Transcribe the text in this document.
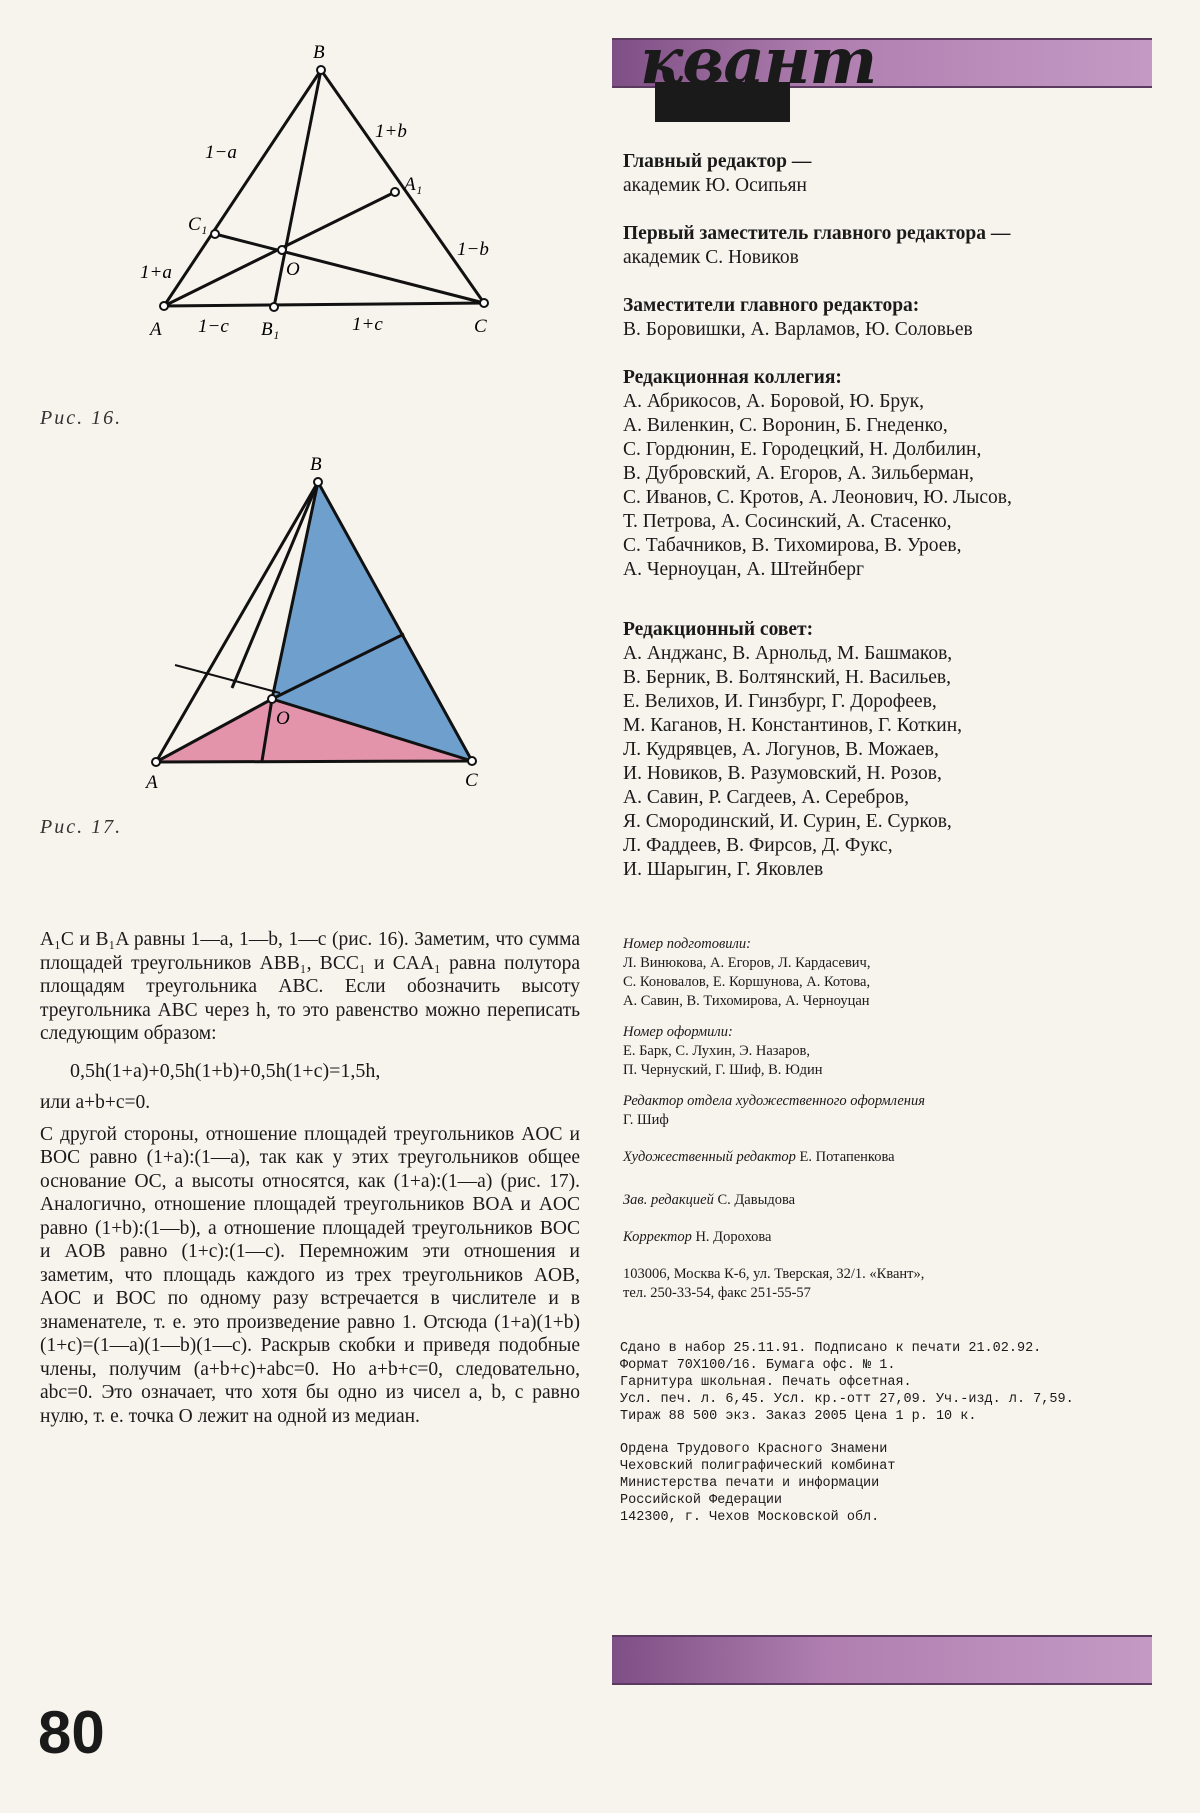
B
A	C
A₁
C₁
B₁
O
1−a
1+a
1+b
1−b
1−c	1+c
Рис. 16.
B
A	C
O
Рис. 17.
квант
Главный редактор —
академик Ю. Осипьян
Первый заместитель главного редактора —
академик С. Новиков
Заместители главного редактора:
В. Боровишки, А. Варламов, Ю. Соловьев
Редакционная коллегия:
А. Абрикосов, А. Боровой, Ю. Брук,
А. Виленкин, С. Воронин, Б. Гнеденко,
С. Гордюнин, Е. Городецкий, Н. Долбилин,
В. Дубровский, А. Егоров, А. Зильберман,
С. Иванов, С. Кротов, А. Леонович, Ю. Лысов,
Т. Петрова, А. Сосинский, А. Стасенко,
С. Табачников, В. Тихомирова, В. Уроев,
А. Черноуцан, А. Штейнберг
Редакционный совет:
А. Анджанс, В. Арнольд, М. Башмаков,
В. Берник, В. Болтянский, Н. Васильев,
Е. Велихов, И. Гинзбург, Г. Дорофеев,
М. Каганов, Н. Константинов, Г. Коткин,
Л. Кудрявцев, А. Логунов, В. Можаев,
И. Новиков, В. Разумовский, Н. Розов,
А. Савин, Р. Сагдеев, А. Серебров,
Я. Смородинский, И. Сурин, Е. Сурков,
Л. Фаддеев, В. Фирсов, Д. Фукс,
И. Шарыгин, Г. Яковлев
Номер подготовили:
Л. Винюкова, А. Егоров, Л. Кардасевич,
С. Коновалов, Е. Коршунова, А. Котова,
А. Савин, В. Тихомирова, А. Черноуцан
Номер оформили:
Е. Барк, С. Лухин, Э. Назаров,
П. Чернуский, Г. Шиф, В. Юдин
Редактор отдела художественного оформления
Г. Шиф
Художественный редактор Е. Потапенкова
Зав. редакцией С. Давыдова
Корректор Н. Дорохова
103006, Москва К-6, ул. Тверская, 32/1. «Квант»,
тел. 250-33-54, факс 251-55-57
Сдано в набор 25.11.91. Подписано к печати 21.02.92.
Формат 70X100/16. Бумага офс. № 1.
Гарнитура школьная. Печать офсетная.
Усл. печ. л. 6,45. Усл. кр.-отт 27,09. Уч.-изд. л. 7,59.
Тираж 88 500 экз. Заказ 2005 Цена 1 р. 10 к.
Ордена Трудового Красного Знамени
Чеховский полиграфический комбинат
Министерства печати и информации
Российской Федерации
142300, г. Чехов Московской обл.

A₁C и B₁A равны 1—a, 1—b, 1—c (рис. 16). Заметим, что сумма площадей треугольников ABB₁, BCC₁ и CAA₁ равна полутора площадям треугольника ABC. Если обозначить высоту треугольника ABC через h, то это равенство можно переписать следующим образом:

0,5h(1+a)+0,5h(1+b)+0,5h(1+c)=1,5h,

или a+b+c=0.

С другой стороны, отношение площадей треугольников AOC и BOC равно (1+a):(1—a), так как у этих треугольников общее основание OC, а высоты относятся, как (1+a):(1—a) (рис. 17). Аналогично, отношение площадей треугольников BOA и AOC равно (1+b):(1—b), а отношение площадей треугольников BOC и AOB равно (1+c):(1—c). Перемножим эти отношения и заметим, что площадь каждого из трех треугольников AOB, AOC и BOC по одному разу встречается в числителе и в знаменателе, т. е. это произведение равно 1. Отсюда (1+a)(1+b)(1+c)=(1—a)(1—b)(1—c). Раскрыв скобки и приведя подобные члены, получим (a+b+c)+abc=0. Но a+b+c=0, следовательно, abc=0. Это означает, что хотя бы одно из чисел a, b, c равно нулю, т. е. точка O лежит на одной из медиан.

80
